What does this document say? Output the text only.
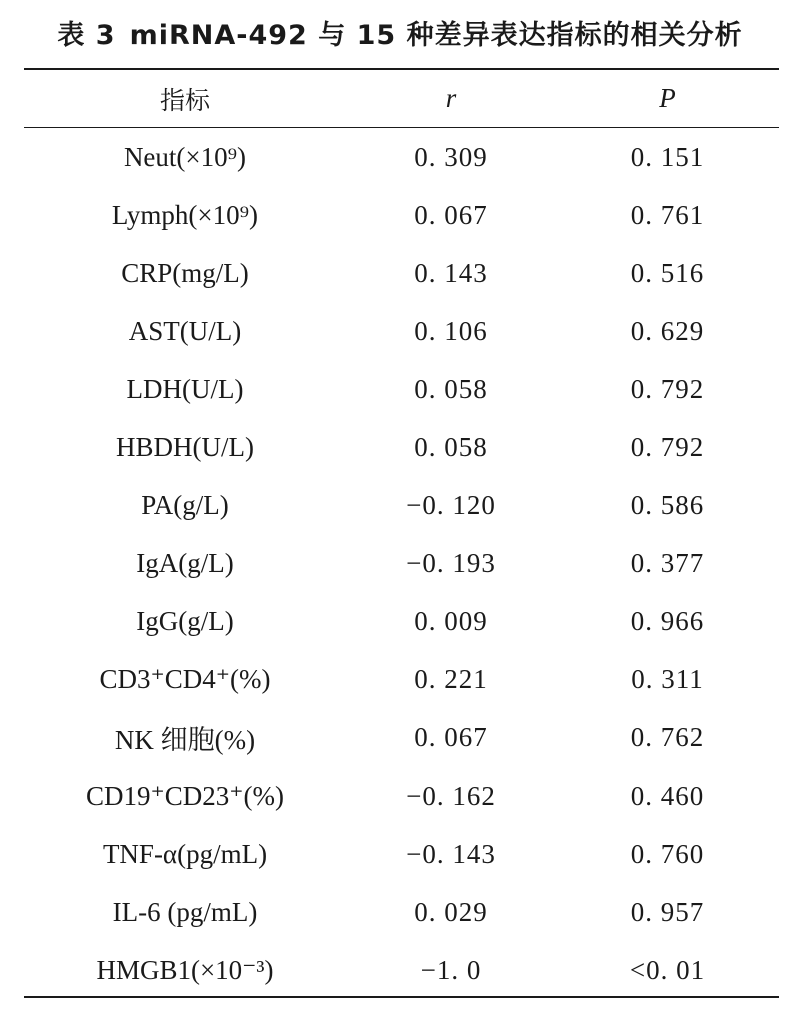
表 3 miRNA-492 与 15 种差异表达指标的相关分析
指标	r	P
Neut(×10⁹)	0. 309	0. 151
Lymph(×10⁹)	0. 067	0. 761
CRP(mg/L)	0. 143	0. 516
AST(U/L)	0. 106	0. 629
LDH(U/L)	0. 058	0. 792
HBDH(U/L)	0. 058	0. 792
PA(g/L)	−0. 120	0. 586
IgA(g/L)	−0. 193	0. 377
IgG(g/L)	0. 009	0. 966
CD3⁺CD4⁺(%)	0. 221	0. 311
NK 细胞(%)	0. 067	0. 762
CD19⁺CD23⁺(%)	−0. 162	0. 460
TNF-α(pg/mL)	−0. 143	0. 760
IL-6 (pg/mL)	0. 029	0. 957
HMGB1(×10⁻³)	−1. 0	<0. 01
